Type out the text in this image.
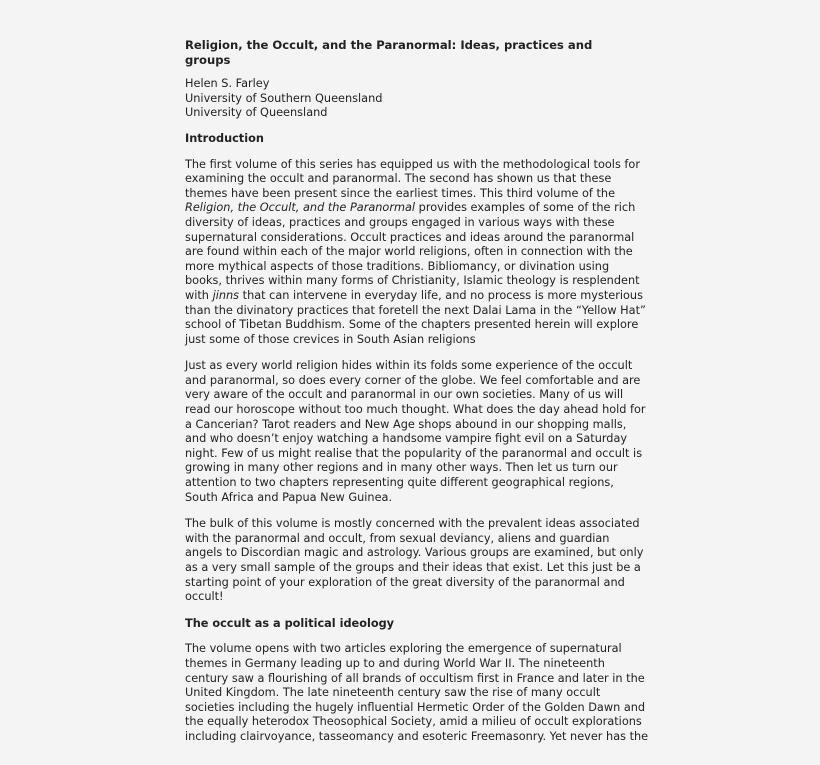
Religion, the Occult, and the Paranormal: Ideas, practices and groups
Helen S. Farley
University of Southern Queensland
University of Queensland
Introduction
The first volume of this series has equipped us with the methodological tools for
examining the occult and paranormal. The second has shown us that these
themes have been present since the earliest times. This third volume of the
Religion, the Occult, and the Paranormal provides examples of some of the rich
diversity of ideas, practices and groups engaged in various ways with these
supernatural considerations. Occult practices and ideas around the paranormal
are found within each of the major world religions, often in connection with the
more mythical aspects of those traditions. Bibliomancy, or divination using
books, thrives within many forms of Christianity, Islamic theology is resplendent
with jinns that can intervene in everyday life, and no process is more mysterious
than the divinatory practices that foretell the next Dalai Lama in the “Yellow Hat”
school of Tibetan Buddhism. Some of the chapters presented herein will explore
just some of those crevices in South Asian religions
Just as every world religion hides within its folds some experience of the occult
and paranormal, so does every corner of the globe. We feel comfortable and are
very aware of the occult and paranormal in our own societies. Many of us will
read our horoscope without too much thought. What does the day ahead hold for
a Cancerian? Tarot readers and New Age shops abound in our shopping malls,
and who doesn’t enjoy watching a handsome vampire fight evil on a Saturday
night. Few of us might realise that the popularity of the paranormal and occult is
growing in many other regions and in many other ways. Then let us turn our
attention to two chapters representing quite different geographical regions,
South Africa and Papua New Guinea.
The bulk of this volume is mostly concerned with the prevalent ideas associated
with the paranormal and occult, from sexual deviancy, aliens and guardian
angels to Discordian magic and astrology. Various groups are examined, but only
as a very small sample of the groups and their ideas that exist. Let this just be a
starting point of your exploration of the great diversity of the paranormal and
occult!
The occult as a political ideology
The volume opens with two articles exploring the emergence of supernatural
themes in Germany leading up to and during World War II. The nineteenth
century saw a flourishing of all brands of occultism first in France and later in the
United Kingdom. The late nineteenth century saw the rise of many occult
societies including the hugely influential Hermetic Order of the Golden Dawn and
the equally heterodox Theosophical Society, amid a milieu of occult explorations
including clairvoyance, tasseomancy and esoteric Freemasonry. Yet never has the
